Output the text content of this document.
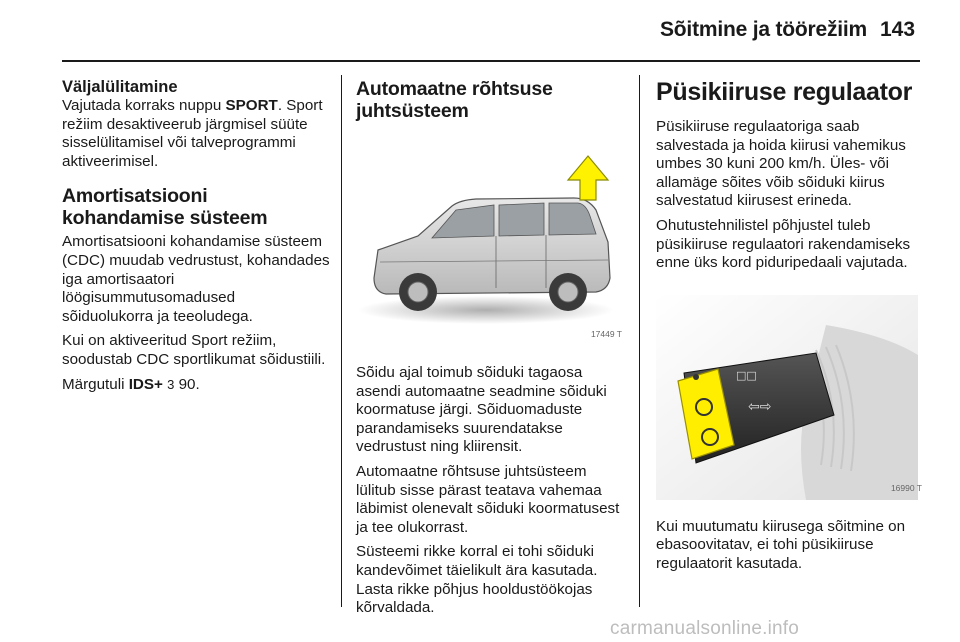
Sõitmine ja töörežiim 143
Väljalülitamine

Vajutada korraks nuppu SPORT. Sport režiim desaktiveerub järgmisel süüte sisselülitamisel või talveprogrammi aktiveerimisel.

Amortisatsiooni kohandamise süsteem

Amortisatsiooni kohandamise süsteem (CDC) muudab vedrustust, kohandades iga amortisaatori löögisummutusomadused sõiduolukorra ja teeoludega.

Kui on aktiveeritud Sport režiim, soodustab CDC sportlikumat sõidustiili.

Märgutuli IDS+ 3 90.

Automaatne rõhtsuse juhtsüsteem
17449 T

Sõidu ajal toimub sõiduki tagaosa asendi automaatne seadmine sõiduki koormatuse järgi. Sõiduomaduste parandamiseks suurendatakse vedrustust ning kliirensit.

Automaatne rõhtsuse juhtsüsteem lülitub sisse pärast teatava vahemaa läbimist olenevalt sõiduki koormatusest ja tee olukorrast.

Süsteemi rikke korral ei tohi sõiduki kandevõimet täielikult ära kasutada. Lasta rikke põhjus hooldustöökojas kõrvaldada.

Püsikiiruse regulaator

Püsikiiruse regulaatoriga saab salvestada ja hoida kiirusi vahemikus umbes 30 kuni 200 km/h. Üles- või allamäge sõites võib sõiduki kiirus salvestatud kiirusest erineda.

Ohutustehnilistel põhjustel tuleb püsikiiruse regulaatori rakendamiseks enne üks kord piduripedaali vajutada.

⇦⇨
□□
16990 T

Kui muutumatu kiirusega sõitmine on ebasoovitatav, ei tohi püsikiiruse regulaatorit kasutada.

carmanualsonline.info
